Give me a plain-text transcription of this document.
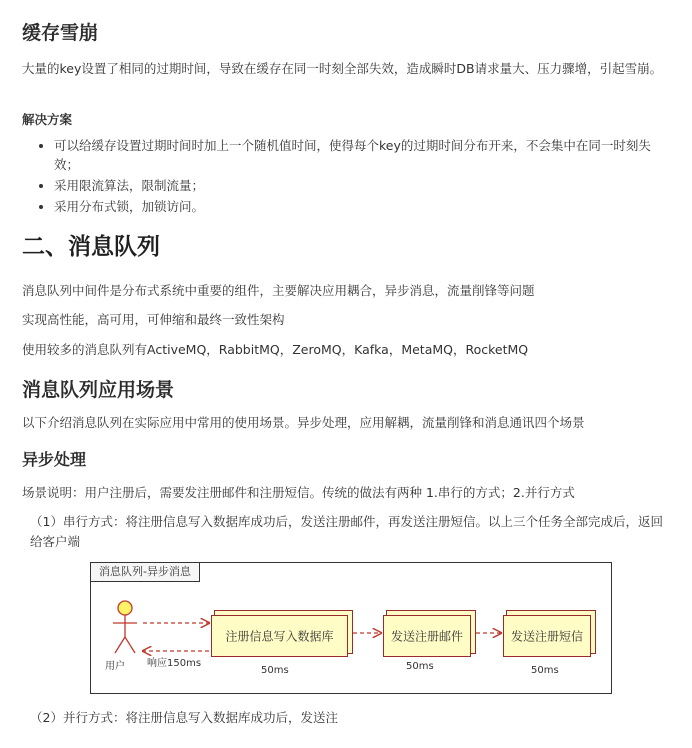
缓存雪崩

大量的key设置了相同的过期时间，导致在缓存在同一时刻全部失效，造成瞬时DB请求量大、压力骤增，引起雪崩。

解决方案

• 可以给缓存设置过期时间时加上一个随机值时间，使得每个key的过期时间分布开来，不会集中在同一时刻失效；
• 采用限流算法，限制流量；
• 采用分布式锁，加锁访问。
二、消息队列

消息队列中间件是分布式系统中重要的组件，主要解决应用耦合，异步消息，流量削锋等问题

实现高性能，高可用，可伸缩和最终一致性架构

使用较多的消息队列有ActiveMQ，RabbitMQ，ZeroMQ，Kafka，MetaMQ，RocketMQ

消息队列应用场景

以下介绍消息队列在实际应用中常用的使用场景。异步处理，应用解耦，流量削锋和消息通讯四个场景

异步处理

场景说明：用户注册后，需要发注册邮件和注册短信。传统的做法有两种 1.串行的方式；2.并行方式

（1）串行方式：将注册信息写入数据库成功后，发送注册邮件，再发送注册短信。以上三个任务全部完成后，返回给客户端

消息队列-异步消息
用户 响应150ms
注册信息写入数据库	发送注册邮件	发送注册短信
50ms	50ms	50ms

（2）并行方式：将注册信息写入数据库成功后，发送注
